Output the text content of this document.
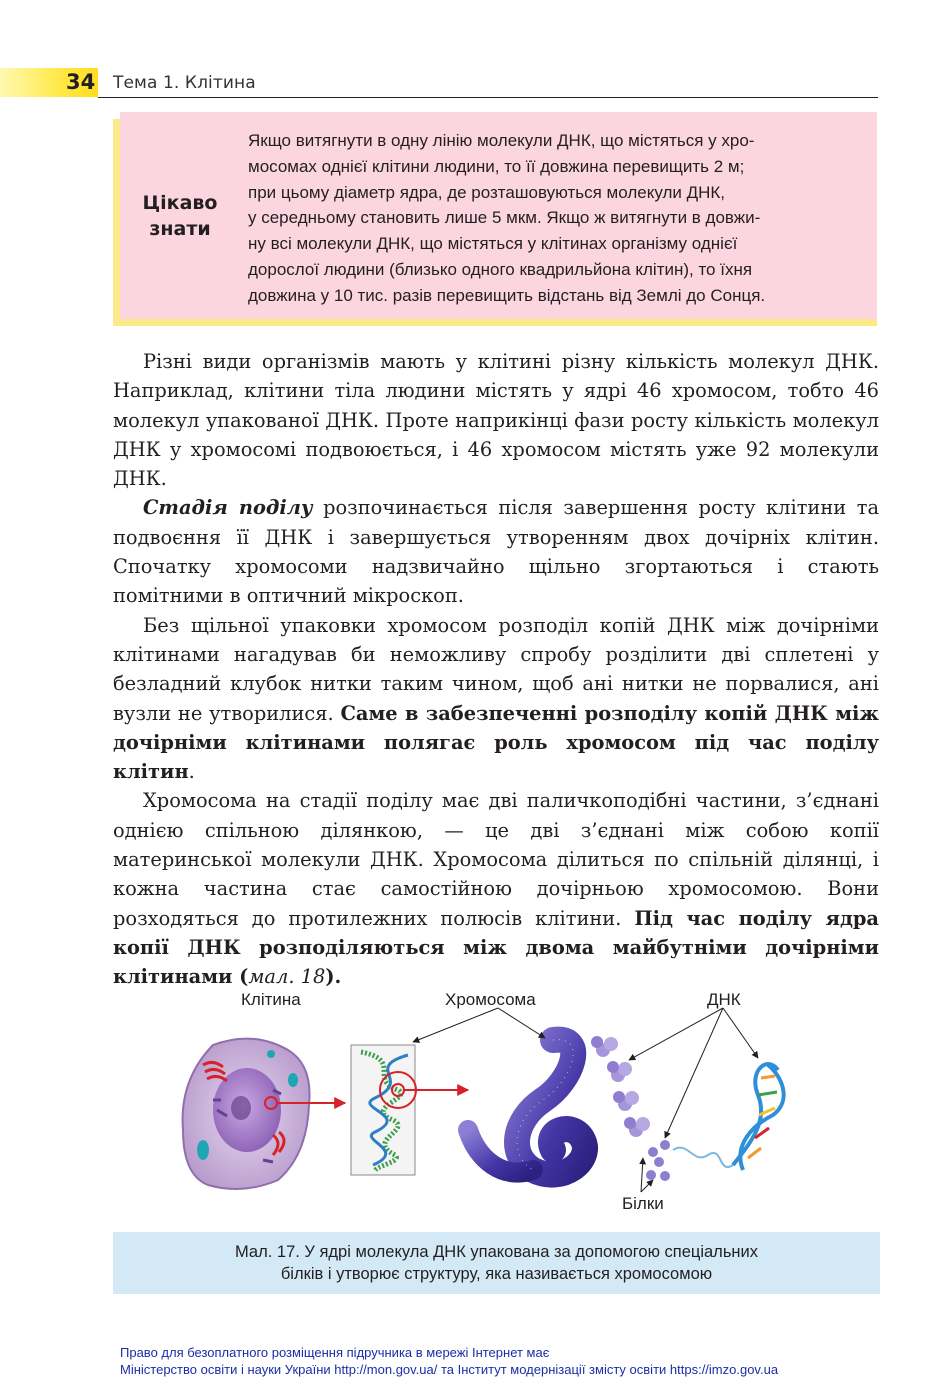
34 Тема 1. Клітина
Цікаво
знати
Якщо витягнути в одну лінію молекули ДНК, що містяться у хро-
мосомах однієї клітини людини, то її довжина перевищить 2 м;
при цьому діаметр ядра, де розташовуються молекули ДНК,
у середньому становить лише 5 мкм. Якщо ж витягнути в довжи-
ну всі молекули ДНК, що містяться у клітинах організму однієї
дорослої людини (близько одного квадрильйона клітин), то їхня
довжина у 10 тис. разів перевищить відстань від Землі до Сонця.

Різні види організмів мають у клітині різну кількість молекул ДНК. Наприклад, клітини тіла людини містять у ядрі 46 хромосом, тобто 46 молекул упакованої ДНК. Проте наприкінці фази росту кількість молекул ДНК у хромосомі подвоюється, і 46 хромосом містять уже 92 молекули ДНК.

Стадія поділу розпочинається після завершення росту клітини та подвоєння її ДНК і завершується утворенням двох дочірніх клітин. Спочатку хромосоми надзвичайно щільно згортаються і стають помітними в оптичний мікроскоп.

Без щільної упаковки хромосом розподіл копій ДНК між дочірніми клітинами нагадував би неможливу спробу розділити дві сплетені у безладний клубок нитки таким чином, щоб ані нитки не порвалися, ані вузли не утворилися. Саме в забезпеченні розподілу копій ДНК між дочірніми клітинами полягає роль хромосом під час поділу клітин.

Хромосома на стадії поділу має дві паличкоподібні частини, з’єднані однією спільною ділянкою, — це дві з’єднані між собою копії материнської молекули ДНК. Хромосома ділиться по спільній ділянці, і кожна частина стає самостійною дочірньою хромосомою. Вони розходяться до протилежних полюсів клітини. Під час поділу ядра копії ДНК розподіляються між двома майбутніми дочірніми клітинами (мал. 18).

Клітина	Хромосома	ДНК
Білки
Мал. 17. У ядрі молекула ДНК упакована за допомогою спеціальних
білків і утворює структуру, яка називається хромосомою
Право для безоплатного розміщення підручника в мережі Інтернет має
Міністерство освіти і науки України http://mon.gov.ua/ та Інститут модернізації змісту освіти https://imzo.gov.ua
